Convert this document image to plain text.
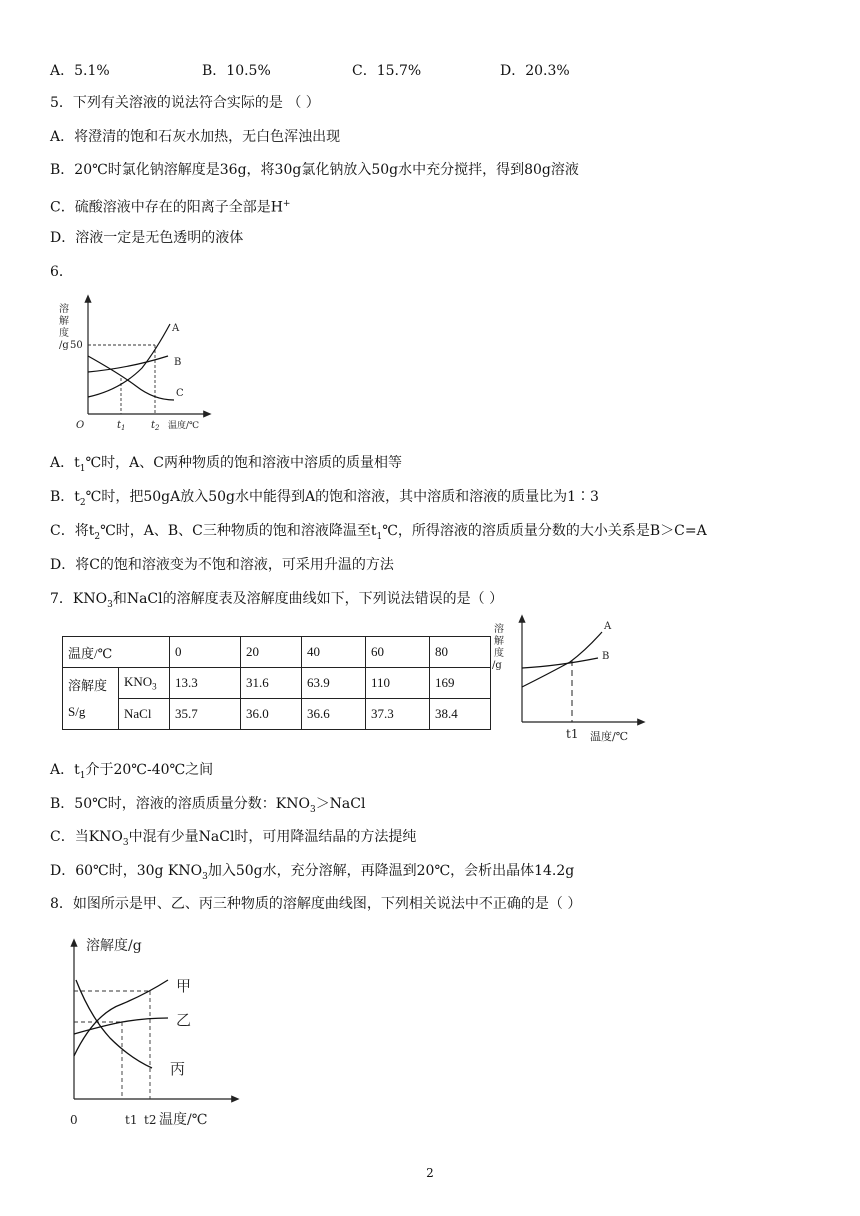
A．5.1%	B．10.5%	C．15.7%	D．20.3%
5．下列有关溶液的说法符合实际的是 （ ）
A．将澄清的饱和石灰水加热，无白色浑浊出现
B．20℃时氯化钠溶解度是36g，将30g氯化钠放入50g水中充分搅拌，得到80g溶液
C．硫酸溶液中存在的阳离子全部是H+
D．溶液一定是无色透明的液体
6．
溶
解
度
/g 50
O	$t_1$	$t_2$ 温度/℃
A
B
C
A．$t_1℃$时，A、C两种物质的饱和溶液中溶质的质量相等
B．$t_2℃$时，把50gA放入50g水中能得到A的饱和溶液，其中溶质和溶液的质量比为1∶3
C．将$t_2℃$时，A、B、C三种物质的饱和溶液降温至$t_1℃$，所得溶液的溶质质量分数的大小关系是B＞C=A
D．将C的饱和溶液变为不饱和溶液，可采用升温的方法
7．$KNO_3$和NaCl的溶解度表及溶解度曲线如下，下列说法错误的是（ ）
温度/℃		0	20	40	60	80

溶解度
S/g	$KNO_3$	13.3	31.6	63.9	110	169
	NaCl	35.7	36.0	36.6	37.3	38.4
溶
解
度
/g
A
B
t1 温度/℃
A．$t_1$介于20℃-40℃之间
B．50℃时，溶液的溶质质量分数：$KNO_3>NaCl$
C．当$KNO_3$中混有少量NaCl时，可用降温结晶的方法提纯
D．60℃时，30g $KNO_3$加入50g水，充分溶解，再降温到20℃，会析出晶体14.2g
8．如图所示是甲、乙、丙三种物质的溶解度曲线图，下列相关说法中不正确的是（ ）
溶解度/g
甲
乙
丙
0	t1 t2 温度/℃
2
